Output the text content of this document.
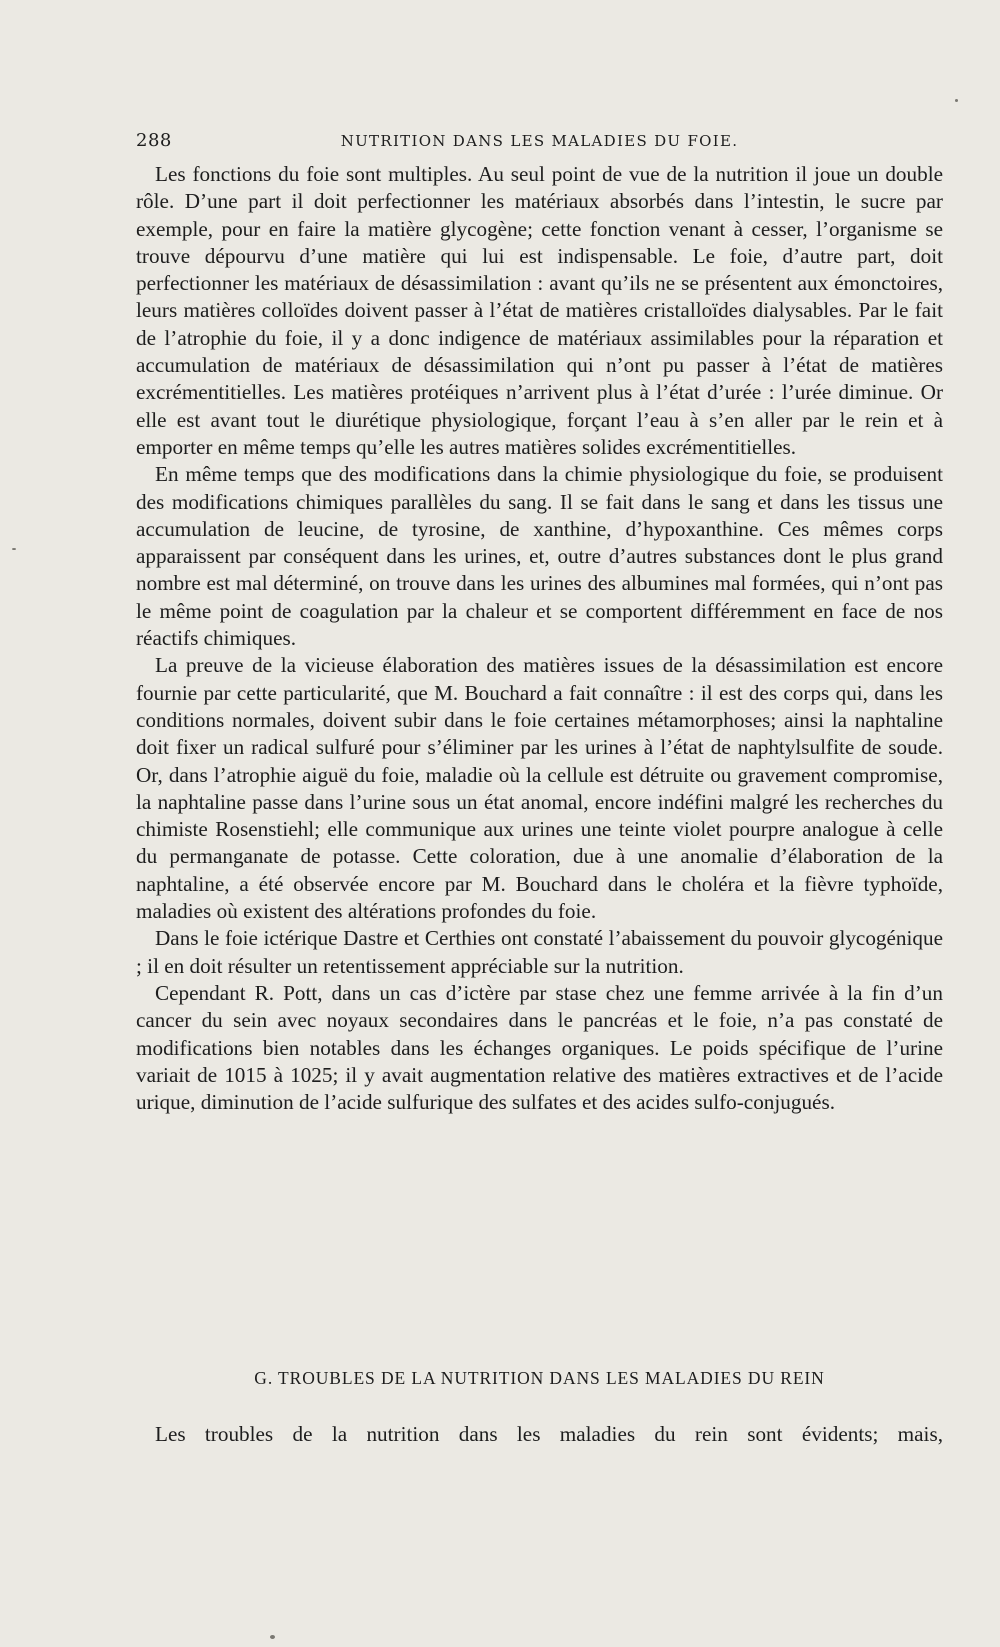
288	NUTRITION DANS LES MALADIES DU FOIE.

Les fonctions du foie sont multiples. Au seul point de vue de la nutrition il joue un double rôle. D’une part il doit perfectionner les matériaux absorbés dans l’intestin, le sucre par exemple, pour en faire la matière glycogène; cette fonction venant à cesser, l’organisme se trouve dépourvu d’une matière qui lui est indispensable. Le foie, d’autre part, doit perfectionner les matériaux de désassimilation : avant qu’ils ne se présentent aux émonctoires, leurs matières colloïdes doivent passer à l’état de matières cristalloïdes dialysables. Par le fait de l’atrophie du foie, il y a donc indigence de matériaux assimilables pour la réparation et accumulation de matériaux de désassimilation qui n’ont pu passer à l’état de matières excrémentitielles. Les matières protéiques n’arrivent plus à l’état d’urée : l’urée diminue. Or elle est avant tout le diurétique physiologique, forçant l’eau à s’en aller par le rein et à emporter en même temps qu’elle les autres matières solides excrémentitielles.

En même temps que des modifications dans la chimie physiologique du foie, se produisent des modifications chimiques parallèles du sang. Il se fait dans le sang et dans les tissus une accumulation de leucine, de tyrosine, de xanthine, d’hypoxanthine. Ces mêmes corps apparaissent par conséquent dans les urines, et, outre d’autres substances dont le plus grand nombre est mal déterminé, on trouve dans les urines des albumines mal formées, qui n’ont pas le même point de coagulation par la chaleur et se comportent différemment en face de nos réactifs chimiques.

La preuve de la vicieuse élaboration des matières issues de la désassimilation est encore fournie par cette particularité, que M. Bouchard a fait connaître : il est des corps qui, dans les conditions normales, doivent subir dans le foie certaines métamorphoses; ainsi la naphtaline doit fixer un radical sulfuré pour s’éliminer par les urines à l’état de naphtylsulfite de soude. Or, dans l’atrophie aiguë du foie, maladie où la cellule est détruite ou gravement compromise, la naphtaline passe dans l’urine sous un état anomal, encore indéfini malgré les recherches du chimiste Rosenstiehl; elle communique aux urines une teinte violet pourpre analogue à celle du permanganate de potasse. Cette coloration, due à une anomalie d’élaboration de la naphtaline, a été observée encore par M. Bouchard dans le choléra et la fièvre typhoïde, maladies où existent des altérations profondes du foie.

Dans le foie ictérique Dastre et Certhies ont constaté l’abaissement du pouvoir glycogénique ; il en doit résulter un retentissement appréciable sur la nutrition.

Cependant R. Pott, dans un cas d’ictère par stase chez une femme arrivée à la fin d’un cancer du sein avec noyaux secondaires dans le pancréas et le foie, n’a pas constaté de modifications bien notables dans les échanges organiques. Le poids spécifique de l’urine variait de 1015 à 1025; il y avait augmentation relative des matières extractives et de l’acide urique, diminution de l’acide sulfurique des sulfates et des acides sulfo-conjugués.

G. TROUBLES DE LA NUTRITION DANS LES MALADIES DU REIN
Les troubles de la nutrition dans les maladies du rein sont évidents; mais,
